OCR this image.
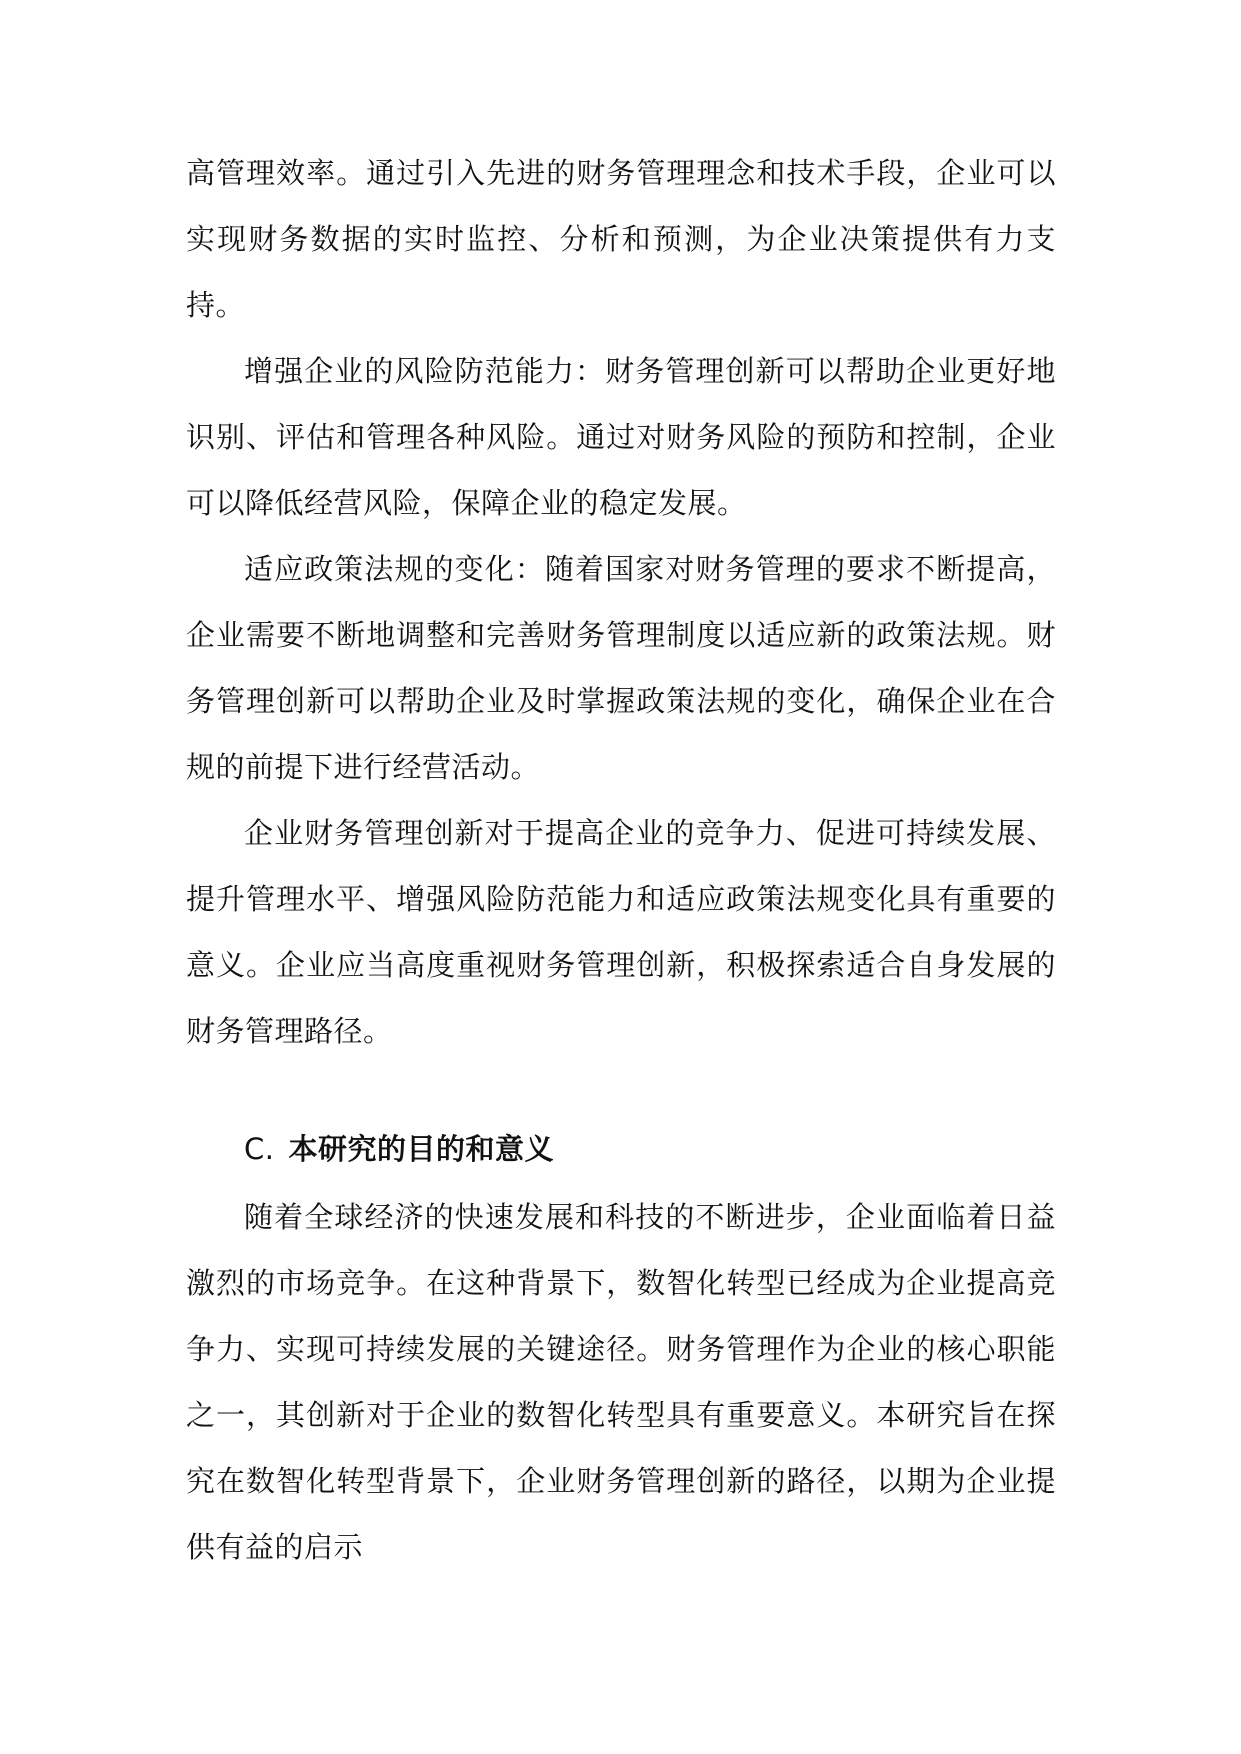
高管理效率。通过引入先进的财务管理理念和技术手段，企业可以实现财务数据的实时监控、分析和预测，为企业决策提供有力支持。

增强企业的风险防范能力：财务管理创新可以帮助企业更好地识别、评估和管理各种风险。通过对财务风险的预防和控制，企业可以降低经营风险，保障企业的稳定发展。

适应政策法规的变化：随着国家对财务管理的要求不断提高，企业需要不断地调整和完善财务管理制度以适应新的政策法规。财务管理创新可以帮助企业及时掌握政策法规的变化，确保企业在合规的前提下进行经营活动。

企业财务管理创新对于提高企业的竞争力、促进可持续发展、提升管理水平、增强风险防范能力和适应政策法规变化具有重要的意义。企业应当高度重视财务管理创新，积极探索适合自身发展的财务管理路径。

C. 本研究的目的和意义

随着全球经济的快速发展和科技的不断进步，企业面临着日益激烈的市场竞争。在这种背景下，数智化转型已经成为企业提高竞争力、实现可持续发展的关键途径。财务管理作为企业的核心职能之一，其创新对于企业的数智化转型具有重要意义。本研究旨在探究在数智化转型背景下，企业财务管理创新的路径，以期为企业提供有益的启示
